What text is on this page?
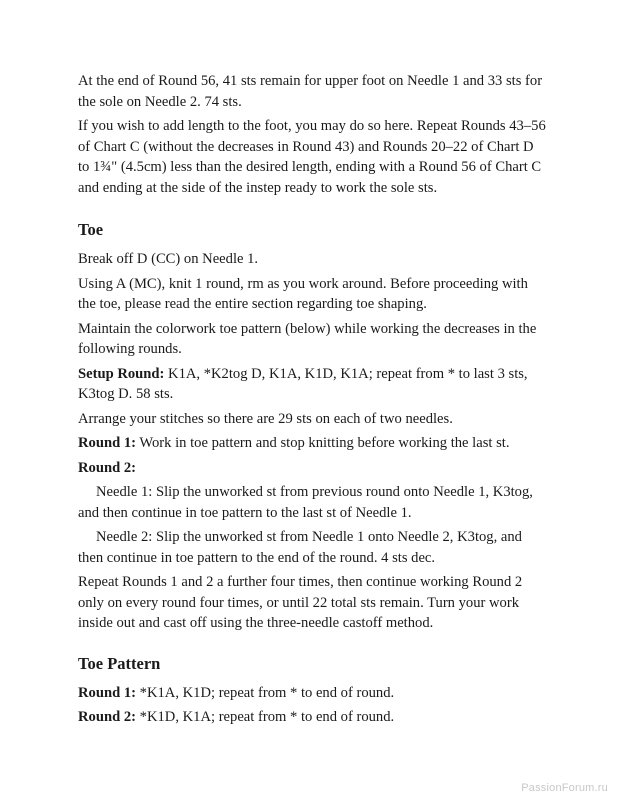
At the end of Round 56, 41 sts remain for upper foot on Needle 1 and 33 sts for the sole on Needle 2. 74 sts.

If you wish to add length to the foot, you may do so here. Repeat Rounds 43–56 of Chart C (without the decreases in Round 43) and Rounds 20–22 of Chart D to 1¾" (4.5cm) less than the desired length, ending with a Round 56 of Chart C and ending at the side of the instep ready to work the sole sts.

Toe

Break off D (CC) on Needle 1.

Using A (MC), knit 1 round, rm as you work around. Before proceeding with the toe, please read the entire section regarding toe shaping.

Maintain the colorwork toe pattern (below) while working the decreases in the following rounds.

Setup Round: K1A, *K2tog D, K1A, K1D, K1A; repeat from * to last 3 sts, K3tog D. 58 sts.

Arrange your stitches so there are 29 sts on each of two needles.

Round 1: Work in toe pattern and stop knitting before working the last st.

Round 2:

Needle 1: Slip the unworked st from previous round onto Needle 1, K3tog, and then continue in toe pattern to the last st of Needle 1.

Needle 2: Slip the unworked st from Needle 1 onto Needle 2, K3tog, and then continue in toe pattern to the end of the round. 4 sts dec.

Repeat Rounds 1 and 2 a further four times, then continue working Round 2 only on every round four times, or until 22 total sts remain. Turn your work inside out and cast off using the three-needle castoff method.

Toe Pattern

Round 1: *K1A, K1D; repeat from * to end of round.

Round 2: *K1D, K1A; repeat from * to end of round.

PassionForum.ru
